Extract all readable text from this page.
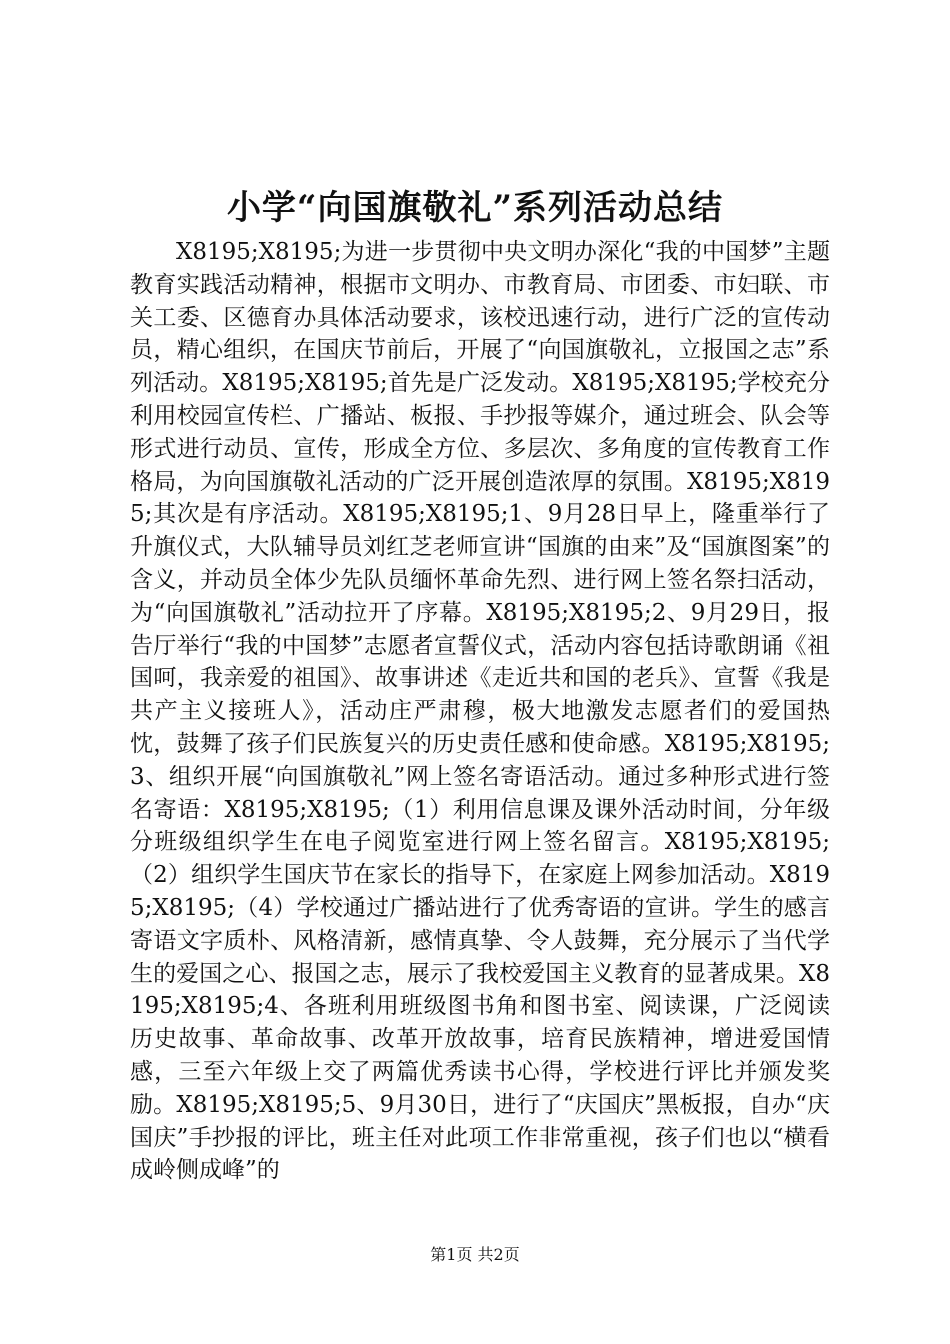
小学“向国旗敬礼”系列活动总结

X8195;X8195;为进一步贯彻中央文明办深化“我的中国梦”主题教育实践活动精神，根据市文明办、市教育局、市团委、市妇联、市关工委、区德育办具体活动要求，该校迅速行动，进行广泛的宣传动员，精心组织，在国庆节前后，开展了“向国旗敬礼，立报国之志”系列活动。X8195;X8195;首先是广泛发动。X8195;X8195;学校充分利用校园宣传栏、广播站、板报、手抄报等媒介，通过班会、队会等形式进行动员、宣传，形成全方位、多层次、多角度的宣传教育工作格局，为向国旗敬礼活动的广泛开展创造浓厚的氛围。X8195;X8195;其次是有序活动。X8195;X8195;1、9月28日早上，隆重举行了升旗仪式，大队辅导员刘红芝老师宣讲“国旗的由来”及“国旗图案”的含义，并动员全体少先队员缅怀革命先烈、进行网上签名祭扫活动，为“向国旗敬礼”活动拉开了序幕。X8195;X8195;2、9月29日，报告厅举行“我的中国梦”志愿者宣誓仪式，活动内容包括诗歌朗诵《祖国呵，我亲爱的祖国》、故事讲述《走近共和国的老兵》、宣誓《我是共产主义接班人》，活动庄严肃穆，极大地激发志愿者们的爱国热忱，鼓舞了孩子们民族复兴的历史责任感和使命感。X8195;X8195;3、组织开展“向国旗敬礼”网上签名寄语活动。通过多种形式进行签名寄语：X8195;X8195;（1）利用信息课及课外活动时间，分年级分班级组织学生在电子阅览室进行网上签名留言。X8195;X8195;（2）组织学生国庆节在家长的指导下，在家庭上网参加活动。X8195;X8195;（4）学校通过广播站进行了优秀寄语的宣讲。学生的感言寄语文字质朴、风格清新，感情真挚、令人鼓舞，充分展示了当代学生的爱国之心、报国之志，展示了我校爱国主义教育的显著成果。X8195;X8195;4、各班利用班级图书角和图书室、阅读课，广泛阅读历史故事、革命故事、改革开放故事，培育民族精神，增进爱国情感，三至六年级上交了两篇优秀读书心得，学校进行评比并颁发奖励。X8195;X8195;5、9月30日，进行了“庆国庆”黑板报，自办“庆国庆”手抄报的评比，班主任对此项工作非常重视，孩子们也以“横看成岭侧成峰”的

第1页 共2页
